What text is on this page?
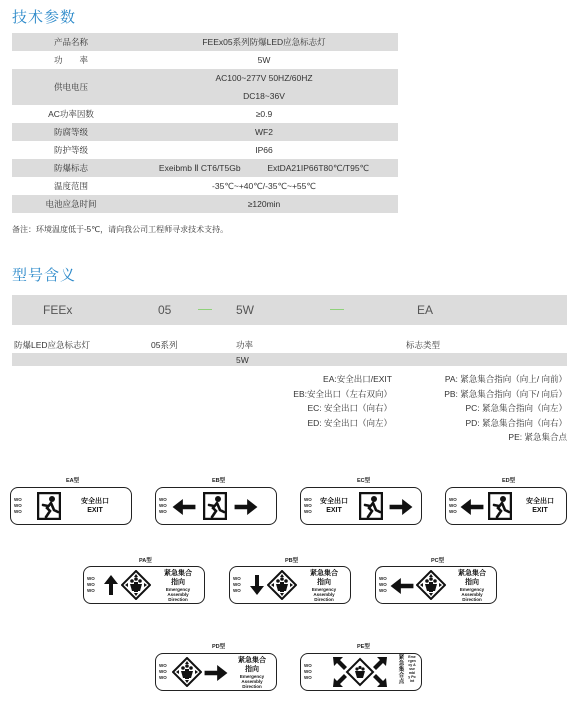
技术参数
产品名称	FEEx05系列防爆LED应急标志灯
功　　率	5W
供电电压	AC100~277V 50HZ/60HZ
DC18~36V

AC功率因数	≥0.9
防腐等级	WF2
防护等级	IP66
防爆标志	Exeibmb Ⅱ CT6/T5Gb ExtDA21IP66T80℃/T95℃
温度范围	-35℃~+40℃/-35℃~+55℃
电池应急时间	≥120min
备注：环境温度低于-5℃，请向我公司工程师寻求技术支持。
型号含义
FEEx	05	5W	EA
防爆LED应急标志灯	05系列	功率	标志类型
5W
EA:安全出口/EXIT
EB:安全出口（左右双向）
EC: 安全出口（向右）
ED: 安全出口（向左）
PA: 紧急集合指向（向上/ 向前）
PB: 紧急集合指向（向下/ 向后）
PC: 紧急集合指向（向左）
PD: 紧急集合指向（向右）
PE: 紧急集合点
EA型
WO
WO
WO
安全出口
EXIT
EB型
WO
WO
WO
EC型
WO
WO
WO
安全出口
EXIT
ED型
WO
WO
WO
安全出口
EXIT
PA型
WO
WO
WO
紧急集合
指向
Emergency
Assembly
Direction
PB型
WO
WO
WO
紧急集合
指向
Emergency
Assembly
Direction
PC型
WO
WO
WO
紧急集合
指向
Emergency
Assembly
Direction
PD型
WO
WO
WO
紧急集合
指向
Emergency
Assembly
Direction
PE型
WO
WO
WO
紧急集合点
Emergency Assembly Point
